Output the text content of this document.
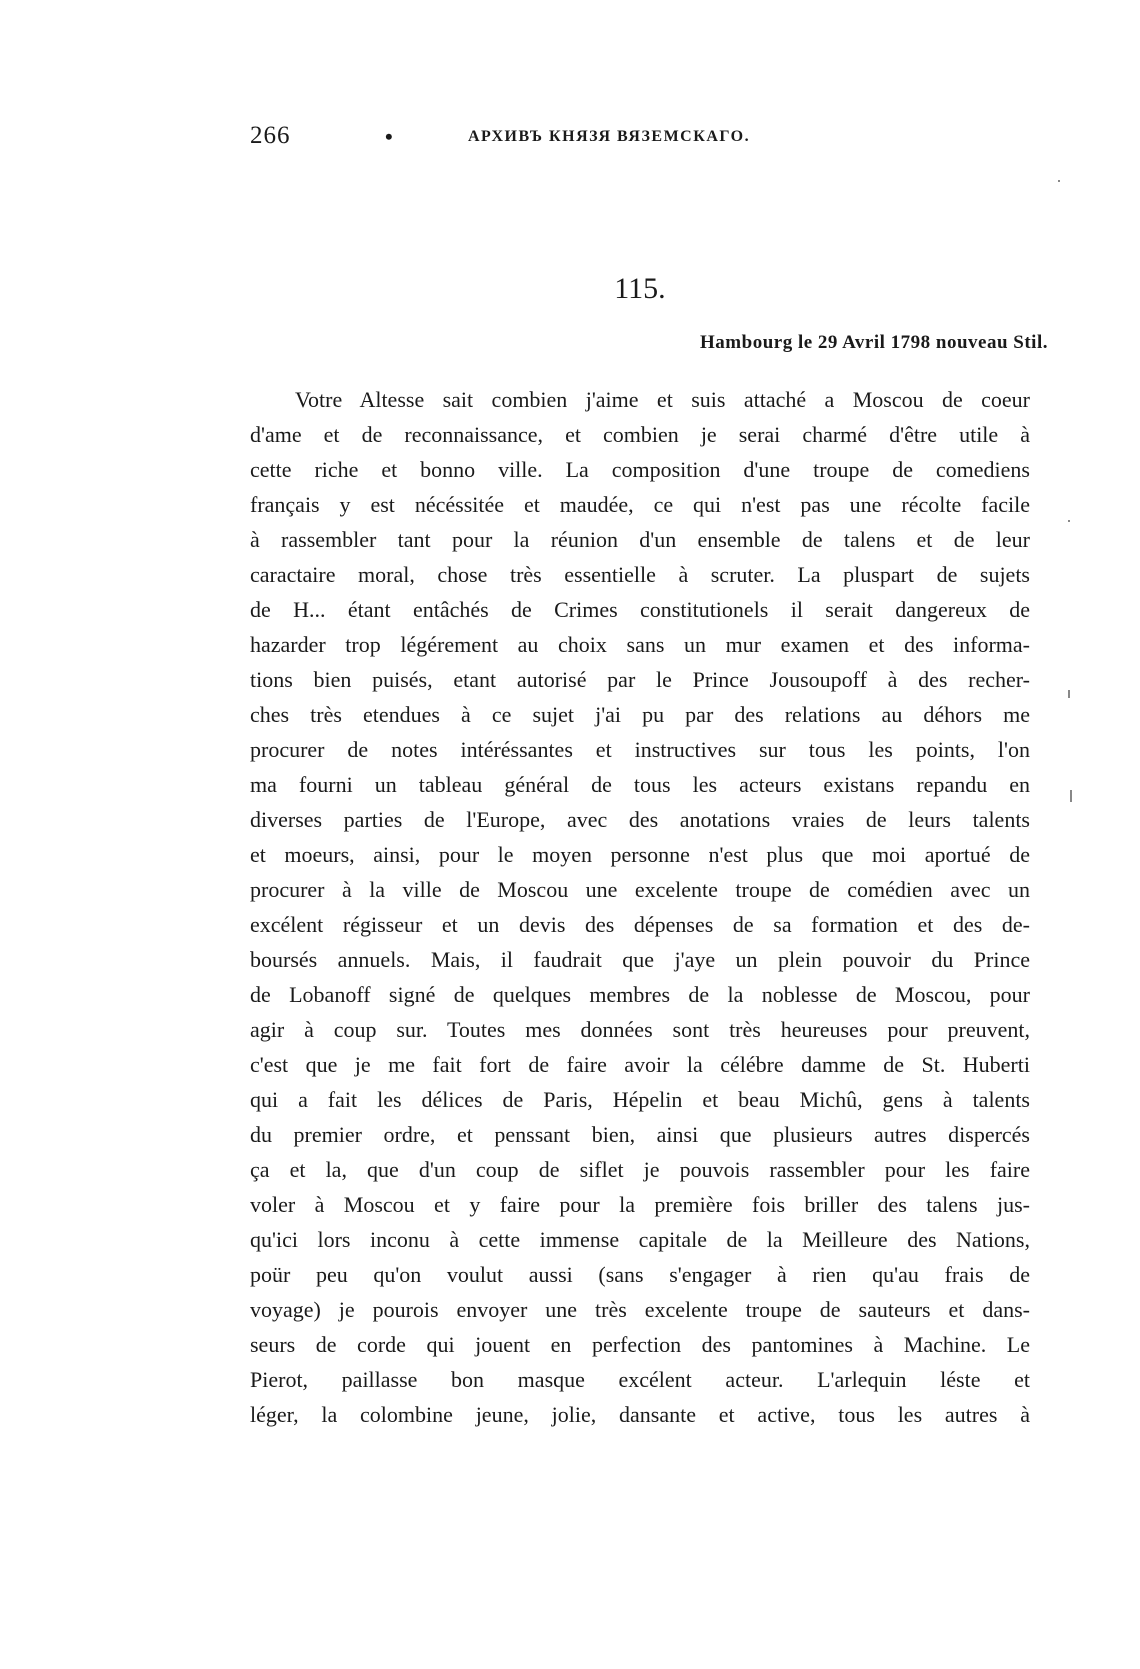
266	•	АРХИВЪ КНЯЗЯ ВЯЗЕМСКАГО.
115.
Hambourg le 29 Avril 1798 nouveau Stil.
Votre Altesse sait combien j'aime et suis attaché a Moscou de coeur
d'ame et de reconnaissance, et combien je serai charmé d'être utile à
cette riche et bonno ville. La composition d'une troupe de comediens
français y est nécéssitée et maudée, ce qui n'est pas une récolte facile
à rassembler tant pour la réunion d'un ensemble de talens et de leur
caractaire moral, chose très essentielle à scruter. La pluspart de sujets
de H... étant entâchés de Crimes constitutionels il serait dangereux de
hazarder trop légérement au choix sans un mur examen et des informa-
tions bien puisés, etant autorisé par le Prince Jousoupoff à des recher-
ches très etendues à ce sujet j'ai pu par des relations au déhors me
procurer de notes intéréssantes et instructives sur tous les points, l'on
ma fourni un tableau général de tous les acteurs existans repandu en
diverses parties de l'Europe, avec des anotations vraies de leurs talents
et moeurs, ainsi, pour le moyen personne n'est plus que moi aportué de
procurer à la ville de Moscou une excelente troupe de comédien avec un
excélent régisseur et un devis des dépenses de sa formation et des de-
boursés annuels. Mais, il faudrait que j'aye un plein pouvoir du Prince
de Lobanoff signé de quelques membres de la noblesse de Moscou, pour
agir à coup sur. Toutes mes données sont très heureuses pour preuvent,
c'est que je me fait fort de faire avoir la célébre damme de St. Huberti
qui a fait les délices de Paris, Hépelin et beau Michû, gens à talents
du premier ordre, et penssant bien, ainsi que plusieurs autres dispercés
ça et la, que d'un coup de siflet je pouvois rassembler pour les faire
voler à Moscou et y faire pour la première fois briller des talens jus-
qu'ici lors inconu à cette immense capitale de la Meilleure des Nations,
poür peu qu'on voulut aussi (sans s'engager à rien qu'au frais de
voyage) je pourois envoyer une très excelente troupe de sauteurs et dans-
seurs de corde qui jouent en perfection des pantomines à Machine. Le
Pierot, paillasse bon masque excélent acteur. L'arlequin léste et
léger, la colombine jeune, jolie, dansante et active, tous les autres à
